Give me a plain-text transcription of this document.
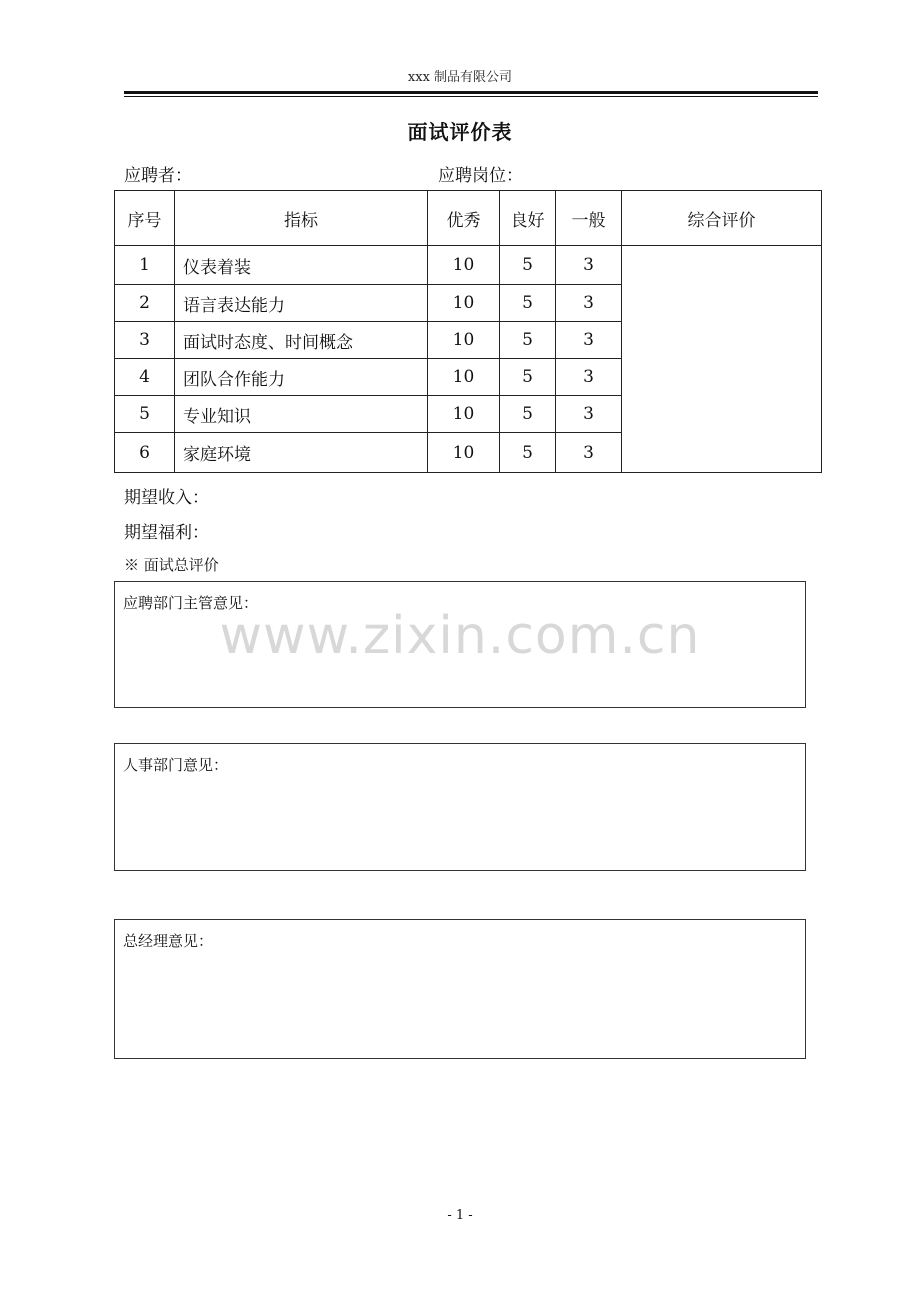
xxx 制品有限公司
面试评价表
应聘者：	应聘岗位：
序号	指标	优秀	良好	一般	综合评价
1	仪表着装	10	5	3
2	语言表达能力	10	5	3
3	面试时态度、时间概念	10	5	3
4	团队合作能力	10	5	3
5	专业知识	10	5	3
6	家庭环境	10	5	3
期望收入：
期望福利：
※ 面试总评价
应聘部门主管意见：
www.zixin.com.cn
人事部门意见：
总经理意见：
- 1 -
